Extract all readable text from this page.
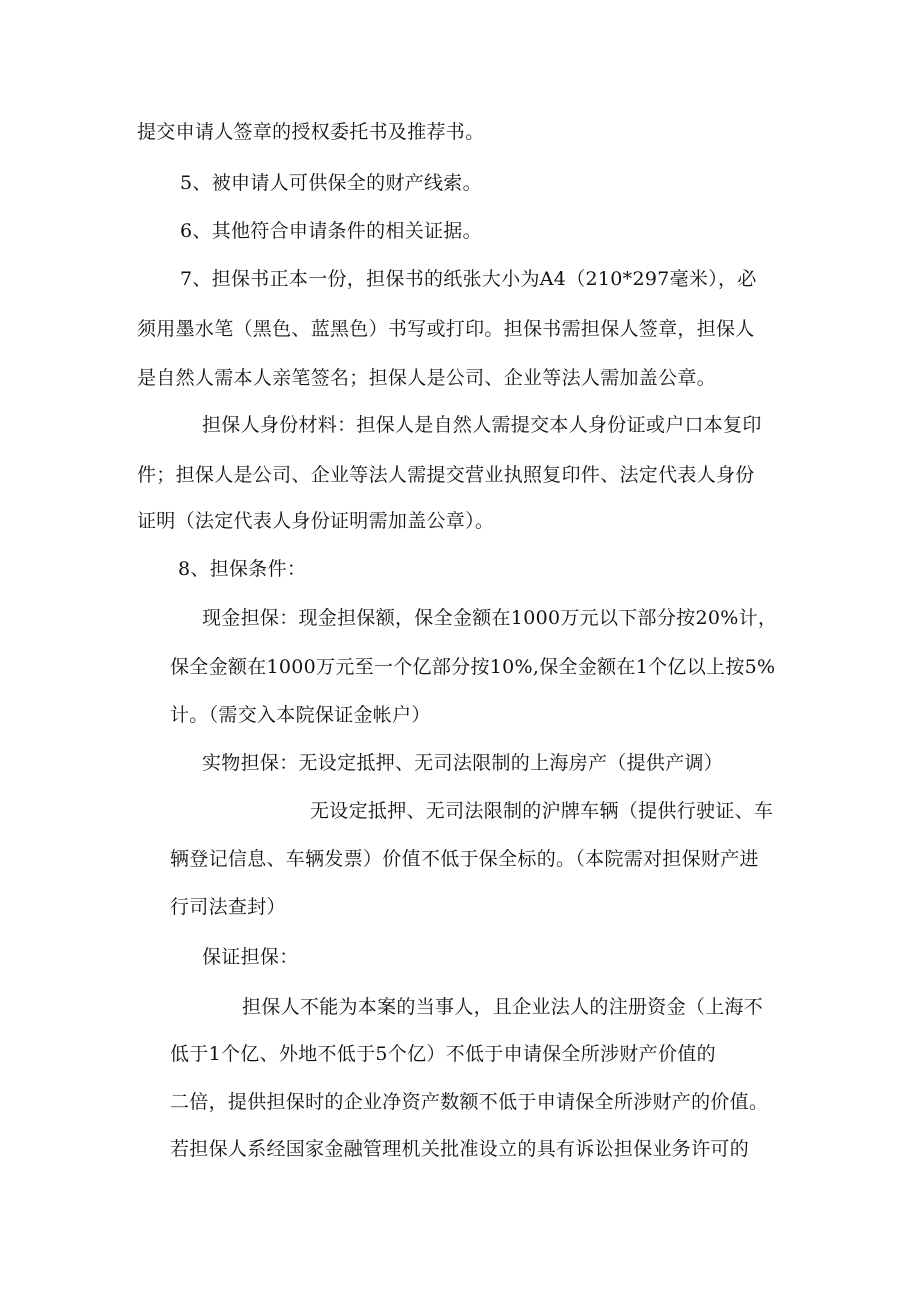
提交申请人签章的授权委托书及推荐书。
5、被申请人可供保全的财产线索。
6、其他符合申请条件的相关证据。
7、担保书正本一份，担保书的纸张大小为A4（210*297毫米），必
须用墨水笔（黑色、蓝黑色）书写或打印。担保书需担保人签章，担保人
是自然人需本人亲笔签名；担保人是公司、企业等法人需加盖公章。
担保人身份材料：担保人是自然人需提交本人身份证或户口本复印
件；担保人是公司、企业等法人需提交营业执照复印件、法定代表人身份
证明（法定代表人身份证明需加盖公章）。
8、担保条件：
现金担保：现金担保额，保全金额在1000万元以下部分按20%计，
保全金额在1000万元至一个亿部分按10%,保全金额在1个亿以上按5%
计。（需交入本院保证金帐户）
实物担保：无设定抵押、无司法限制的上海房产（提供产调）
无设定抵押、无司法限制的沪牌车辆（提供行驶证、车
辆登记信息、车辆发票）价值不低于保全标的。（本院需对担保财产进
行司法查封）
保证担保：
担保人不能为本案的当事人，且企业法人的注册资金（上海不
低于1个亿、外地不低于5个亿）不低于申请保全所涉财产价值的
二倍，提供担保时的企业净资产数额不低于申请保全所涉财产的价值。
若担保人系经国家金融管理机关批准设立的具有诉讼担保业务许可的
